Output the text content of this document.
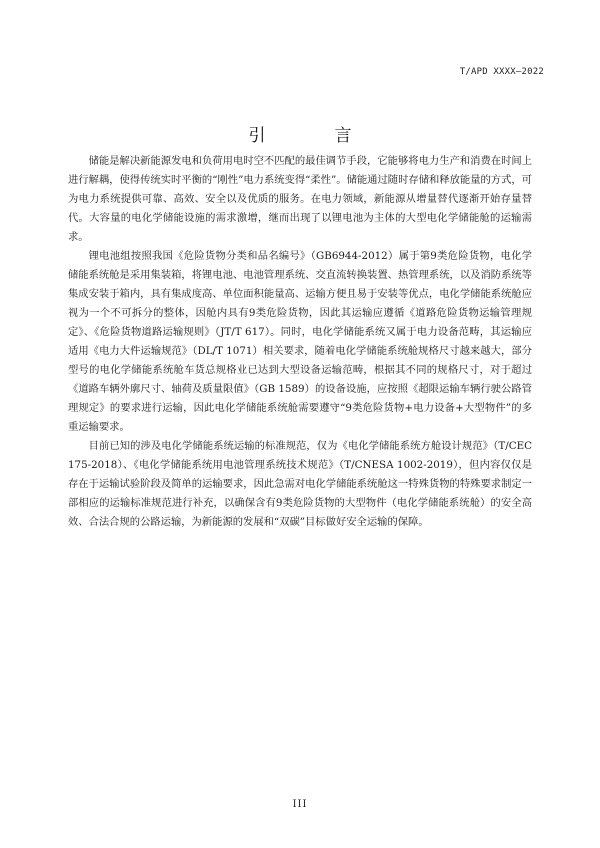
T/APD XXXX—2022
引　言

储能是解决新能源发电和负荷用电时空不匹配的最佳调节手段，它能够将电力生产和消费在时间上进行解耦，使得传统实时平衡的“刚性”电力系统变得“柔性”。储能通过随时存储和释放能量的方式，可为电力系统提供可靠、高效、安全以及优质的服务。在电力领域，新能源从增量替代逐渐开始存量替代。大容量的电化学储能设施的需求激增，继而出现了以锂电池为主体的大型电化学储能舱的运输需求。

锂电池组按照我国《危险货物分类和品名编号》（GB6944-2012）属于第9类危险货物，电化学储能系统舱是采用集装箱，将锂电池、电池管理系统、交直流转换装置、热管理系统，以及消防系统等集成安装于箱内，具有集成度高、单位面积能量高、运输方便且易于安装等优点，电化学储能系统舱应视为一个不可拆分的整体，因舱内具有9类危险货物，因此其运输应遵循《道路危险货物运输管理规定》、《危险货物道路运输规则》（JT/T 617）。同时，电化学储能系统又属于电力设备范畴，其运输应适用《电力大件运输规范》（DL/T 1071）相关要求，随着电化学储能系统舱规格尺寸越来越大，部分型号的电化学储能系统舱车货总规格业已达到大型设备运输范畴，根据其不同的规格尺寸，对于超过《道路车辆外廓尺寸、轴荷及质量限值》（GB 1589）的设备设施，应按照《超限运输车辆行驶公路管理规定》的要求进行运输，因此电化学储能系统舱需要遵守“9类危险货物+电力设备+大型物件”的多重运输要求。

目前已知的涉及电化学储能系统运输的标准规范，仅为《电化学储能系统方舱设计规范》（T/CEC 175-2018）、《电化学储能系统用电池管理系统技术规范》（T/CNESA 1002-2019），但内容仅仅是存在于运输试验阶段及简单的运输要求，因此急需对电化学储能系统舱这一特殊货物的特殊要求制定一部相应的运输标准规范进行补充，以确保含有9类危险货物的大型物件（电化学储能系统舱）的安全高效、合法合规的公路运输，为新能源的发展和“双碳”目标做好安全运输的保障。

III
